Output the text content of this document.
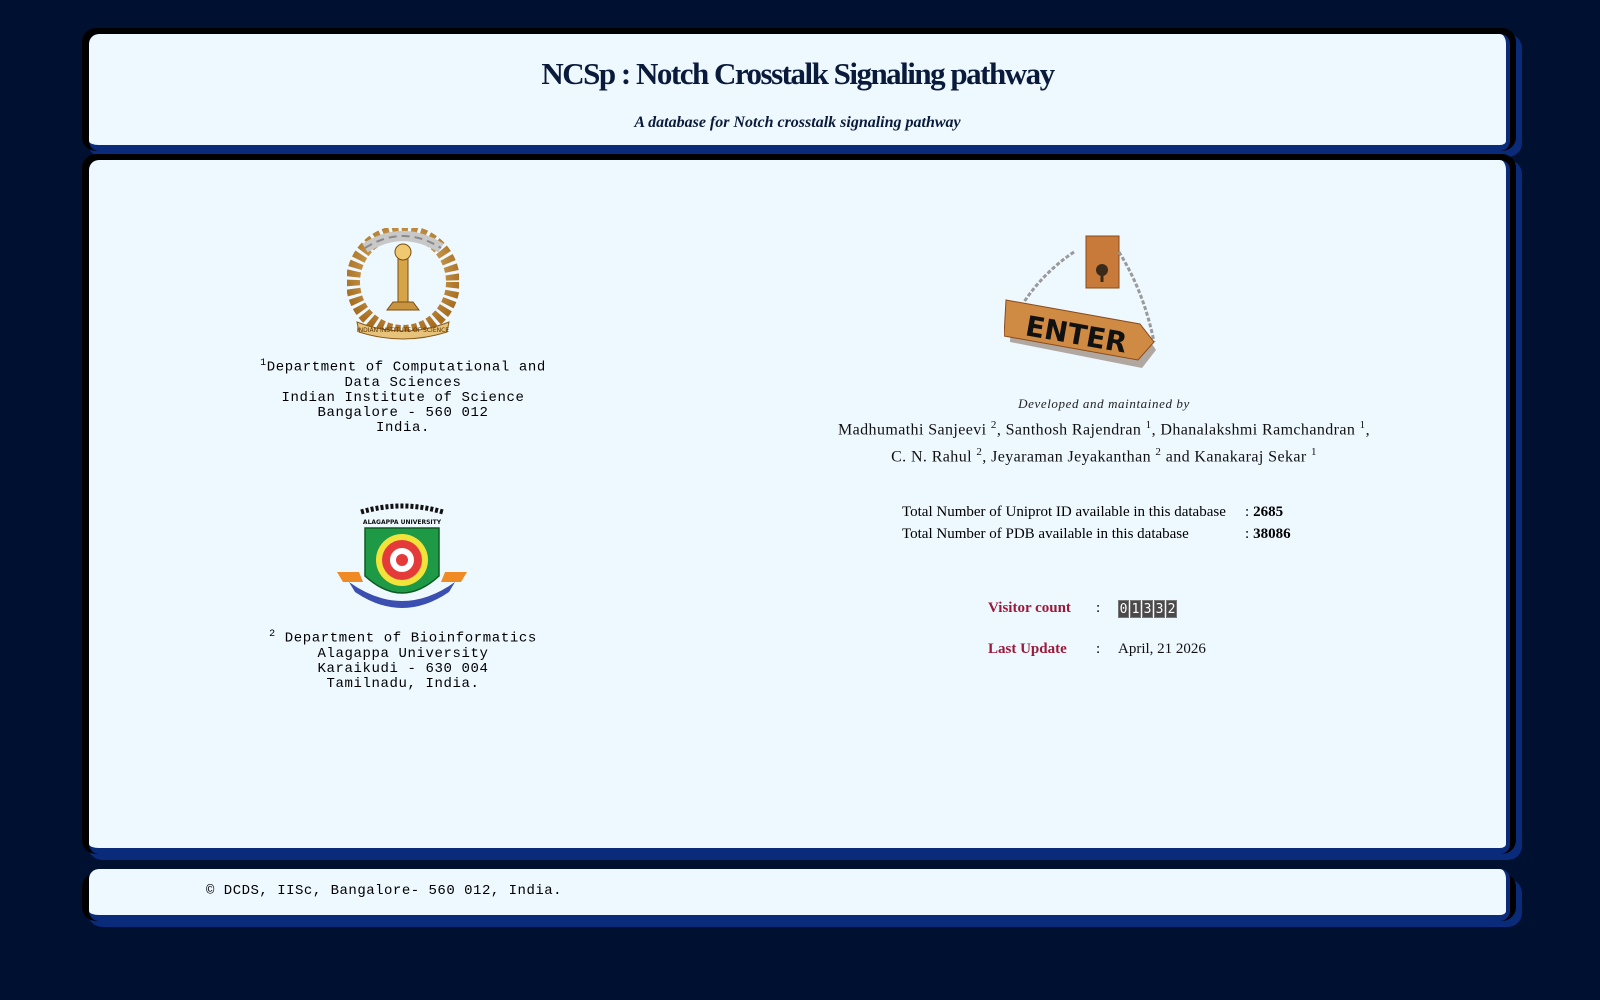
NCSp : Notch Crosstalk Signaling pathway
A database for Notch crosstalk signaling pathway
INDIAN INSTITUTE OF SCIENCE
$^1$Department of Computational and
Data Sciences
Indian Institute of Science
Bangalore - 560 012
India.
ALAGAPPA UNIVERSITY
$^2$ Department of Bioinformatics
Alagappa University
Karaikudi - 630 004
Tamilnadu, India.
ENTER
Developed and maintained by
Madhumathi Sanjeevi $^2$, Santhosh Rajendran $^1$, Dhanalakshmi Ramchandran $^1$,
C. N. Rahul $^2$, Jeyaraman Jeyakanthan $^2$ and Kanakaraj Sekar $^1$
Total Number of Uniprot ID available in this database : 2685
Total Number of PDB available in this database	: 38086
Visitor count : 0 1 3 3 2
Last Update : April, 21 2026
© DCDS, IISc, Bangalore- 560 012, India.
